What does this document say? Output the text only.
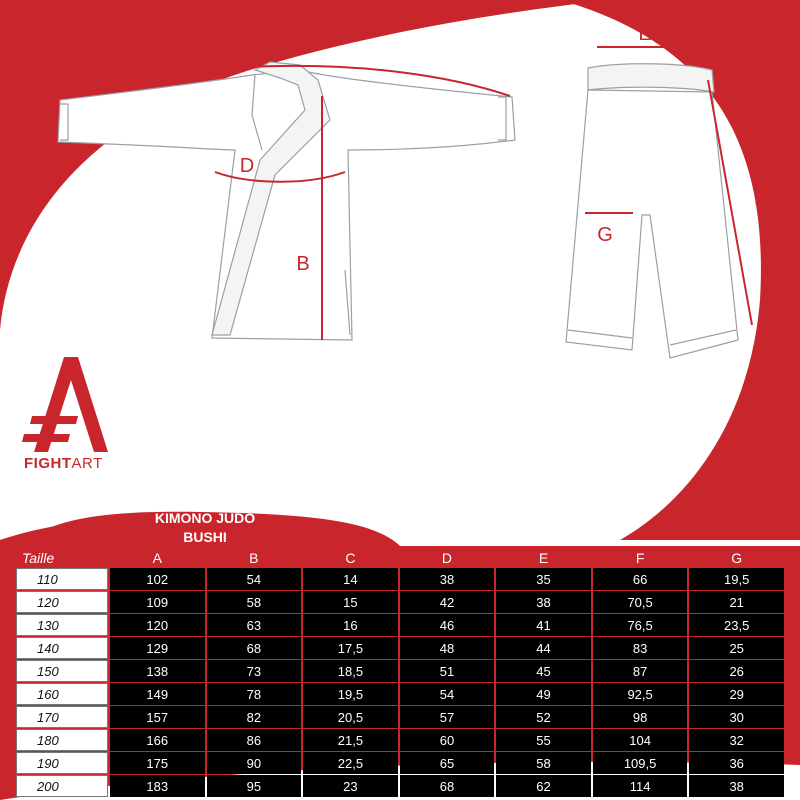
A
B
C
D
E
F
G
FIGHTART
KIMONO JUDO
BUSHI
Taille	A	B	C	D	E	F	G
110	102	54	14	38	35	66	19,5
120	109	58	15	42	38	70,5	21
130	120	63	16	46	41	76,5	23,5
140	129	68	17,5	48	44	83	25
150	138	73	18,5	51	45	87	26
160	149	78	19,5	54	49	92,5	29
170	157	82	20,5	57	52	98	30
180	166	86	21,5	60	55	104	32
190	175	90	22,5	65	58	109,5	36
200	183	95	23	68	62	114	38
